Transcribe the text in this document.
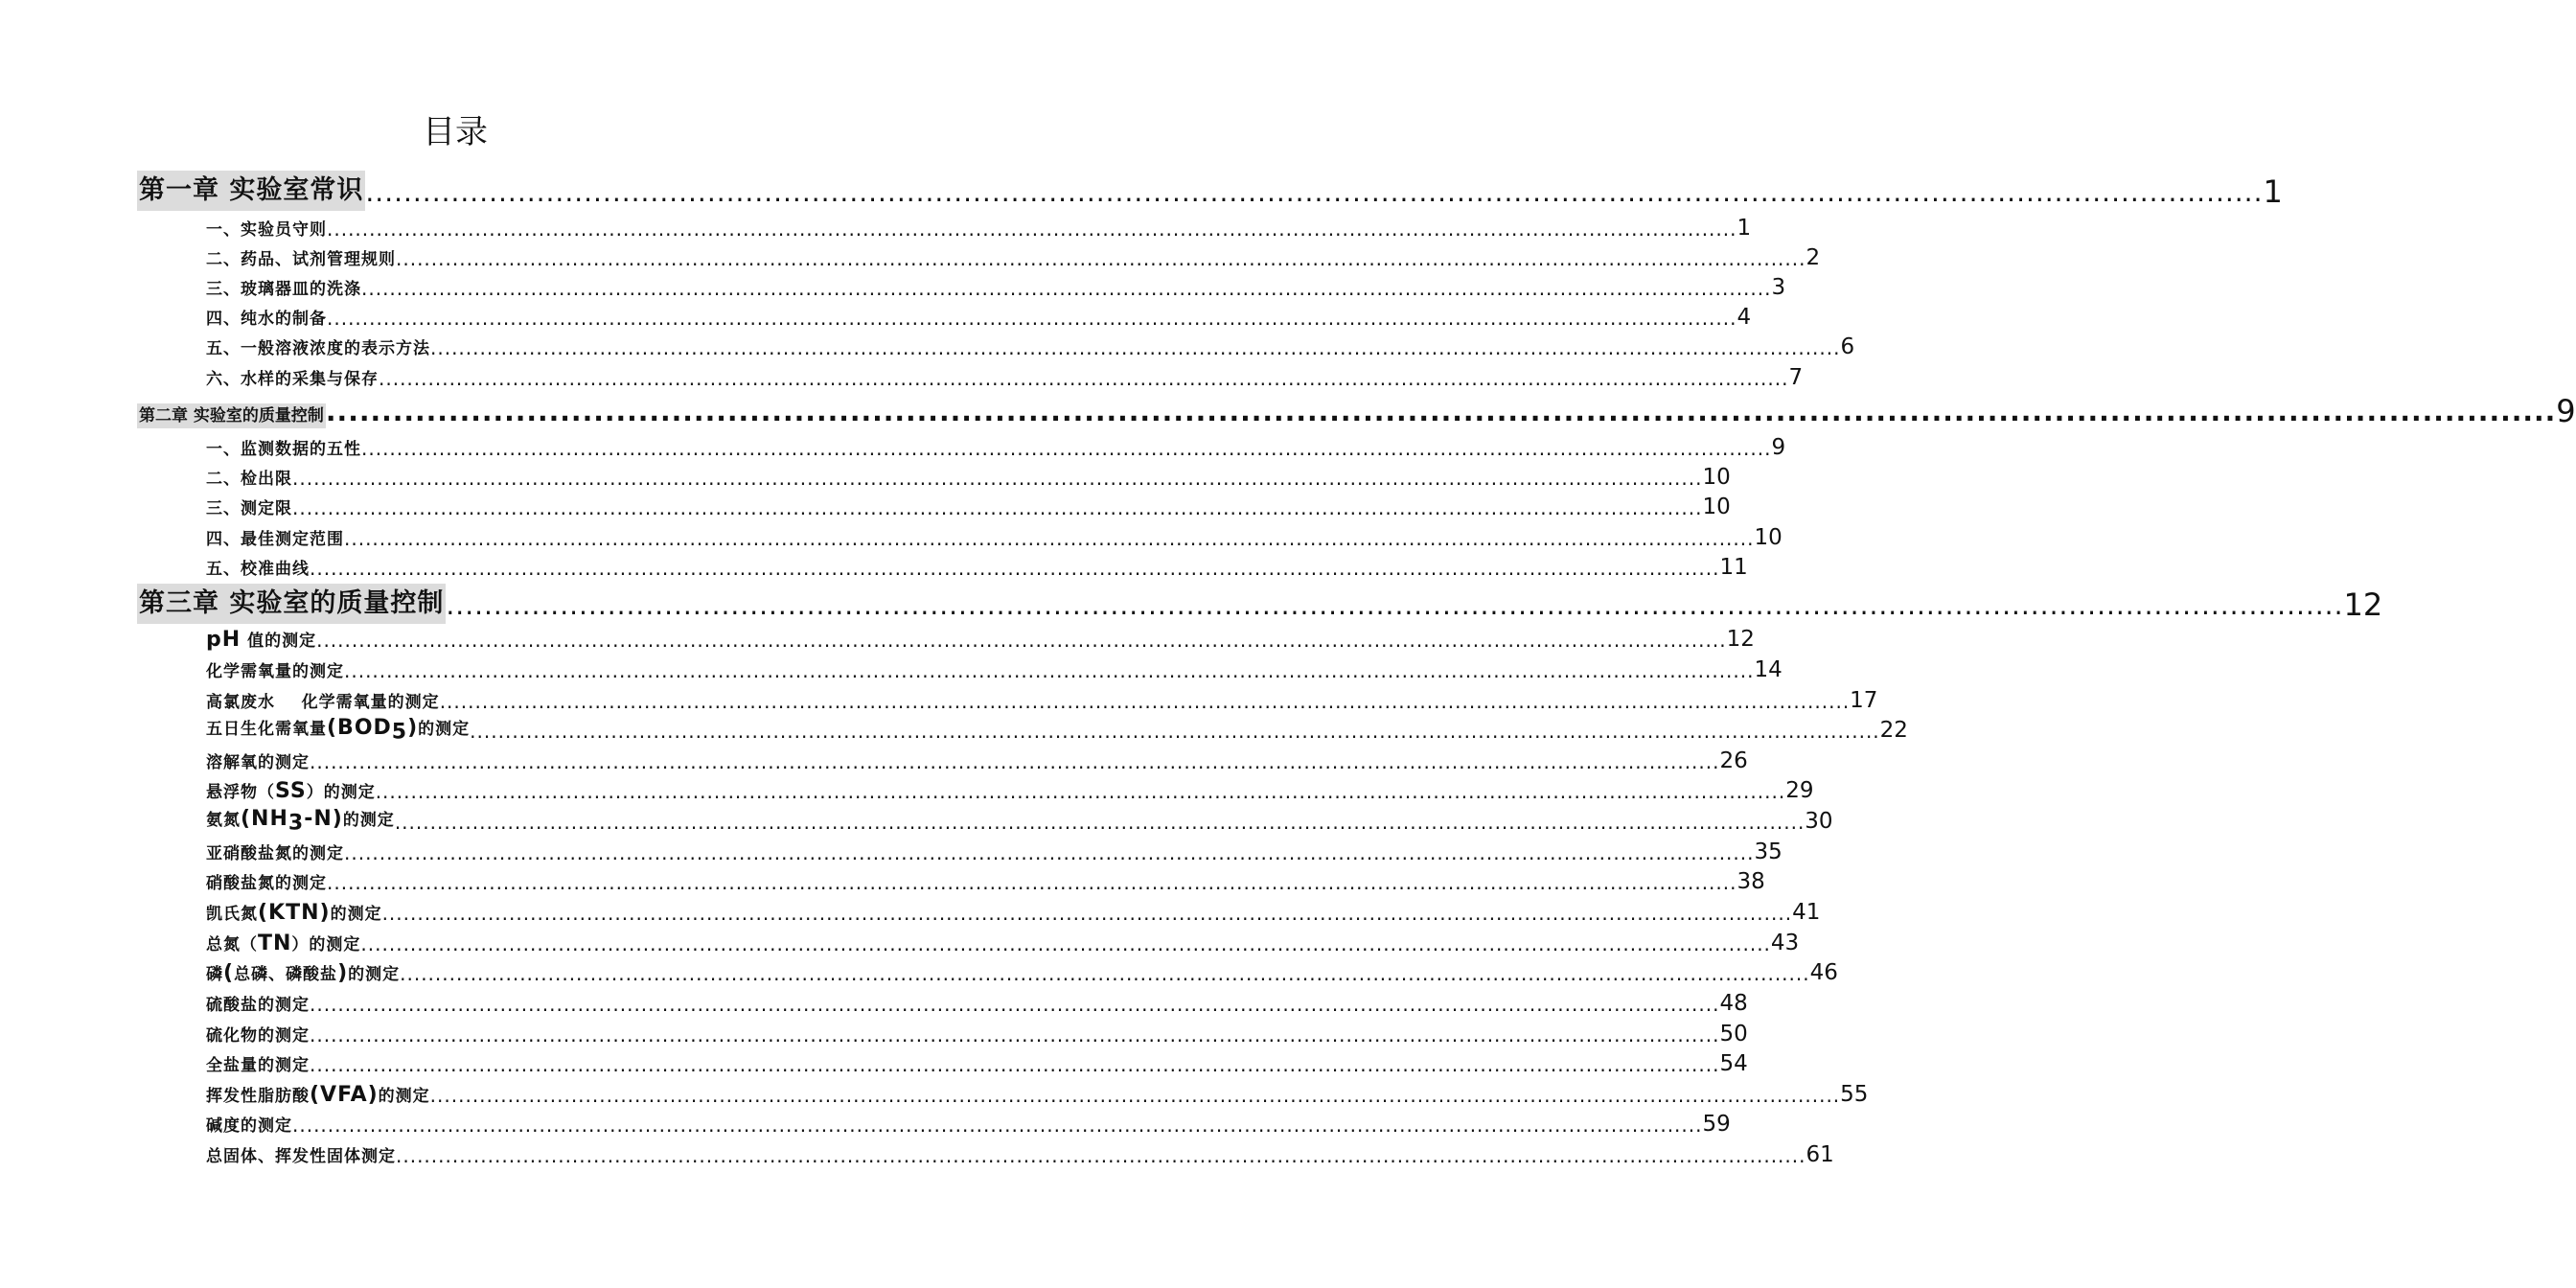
目录
第一章 实验室常识 ........................................................................................................................................................................................................ 1
一、实验员守则 ........................................................................................................................................................................................................ 1
二、药品、试剂管理规则 ........................................................................................................................................................................................................ 2
三、玻璃器皿的洗涤 ........................................................................................................................................................................................................ 3
四、纯水的制备 ........................................................................................................................................................................................................ 4
五、一般溶液浓度的表示方法 ........................................................................................................................................................................................................ 6
六、水样的采集与保存 ........................................................................................................................................................................................................ 7
第二章 实验室的质量控制 ........................................................................................................................................................................................................ 9
一、监测数据的五性 ........................................................................................................................................................................................................ 9
二、检出限 ........................................................................................................................................................................................................ 10
三、测定限 ........................................................................................................................................................................................................ 10
四、最佳测定范围 ........................................................................................................................................................................................................ 10
五、校准曲线 ........................................................................................................................................................................................................ 11
第三章 实验室的质量控制 ........................................................................................................................................................................................................ 12
pH 值的测定 ........................................................................................................................................................................................................ 12
化学需氧量的测定 ........................................................................................................................................................................................................ 14
高氯废水    化学需氧量的测定 ........................................................................................................................................................................................................ 17
五日生化需氧量$(BOD_5)$的测定 ........................................................................................................................................................................................................ 22
溶解氧的测定 ........................................................................................................................................................................................................ 26
悬浮物（SS）的测定 ........................................................................................................................................................................................................ 29
氨氮$(NH_3-N)$的测定 ........................................................................................................................................................................................................ 30
亚硝酸盐氮的测定 ........................................................................................................................................................................................................ 35
硝酸盐氮的测定 ........................................................................................................................................................................................................ 38
凯氏氮(KTN)的测定 ........................................................................................................................................................................................................ 41
总氮（TN）的测定 ........................................................................................................................................................................................................ 43
磷(总磷、磷酸盐)的测定 ........................................................................................................................................................................................................ 46
硫酸盐的测定 ........................................................................................................................................................................................................ 48
硫化物的测定 ........................................................................................................................................................................................................ 50
全盐量的测定 ........................................................................................................................................................................................................ 54
挥发性脂肪酸(VFA)的测定 ........................................................................................................................................................................................................ 55
碱度的测定 ........................................................................................................................................................................................................ 59
总固体、挥发性固体测定 ........................................................................................................................................................................................................ 61
